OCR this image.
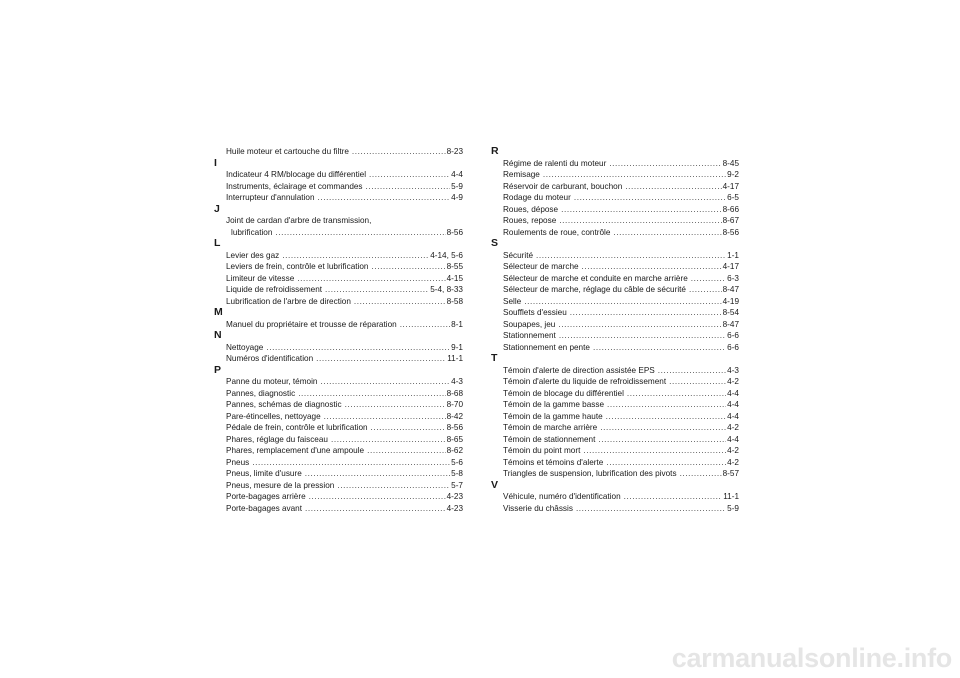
Huile moteur et cartouche du filtre .....	8-23
I
Indicateur 4 RM/blocage du différentiel .....	4-4
Instruments, éclairage et commandes .....	5-9
Interrupteur d'annulation .....	4-9
J
Joint de cardan d'arbre de transmission,
lubrification .....	8-56
L
Levier des gaz .....	4-14, 5-6
Leviers de frein, contrôle et lubrification .....	8-55
Limiteur de vitesse .....	4-15
Liquide de refroidissement .....	5-4, 8-33
Lubrification de l'arbre de direction .....	8-58
M
Manuel du propriétaire et trousse de réparation .....	8-1
N
Nettoyage .....	9-1
Numéros d'identification .....	11-1
P
Panne du moteur, témoin .....	4-3
Pannes, diagnostic .....	8-68
Pannes, schémas de diagnostic .....	8-70
Pare-étincelles, nettoyage .....	8-42
Pédale de frein, contrôle et lubrification .....	8-56
Phares, réglage du faisceau .....	8-65
Phares, remplacement d'une ampoule .....	8-62
Pneus .....	5-6
Pneus, limite d'usure .....	5-8
Pneus, mesure de la pression .....	5-7
Porte-bagages arrière .....	4-23
Porte-bagages avant .....	4-23
R
Régime de ralenti du moteur .....	8-45
Remisage .....	9-2
Réservoir de carburant, bouchon .....	4-17
Rodage du moteur .....	6-5
Roues, dépose .....	8-66
Roues, repose .....	8-67
Roulements de roue, contrôle .....	8-56
S
Sécurité .....	1-1
Sélecteur de marche .....	4-17
Sélecteur de marche et conduite en marche arrière .....	6-3
Sélecteur de marche, réglage du câble de sécurité .....	8-47
Selle .....	4-19
Soufflets d'essieu .....	8-54
Soupapes, jeu .....	8-47
Stationnement .....	6-6
Stationnement en pente .....	6-6
T
Témoin d'alerte de direction assistée EPS .....	4-3
Témoin d'alerte du liquide de refroidissement .....	4-2
Témoin de blocage du différentiel .....	4-4
Témoin de la gamme basse .....	4-4
Témoin de la gamme haute .....	4-4
Témoin de marche arrière .....	4-2
Témoin de stationnement .....	4-4
Témoin du point mort .....	4-2
Témoins et témoins d'alerte .....	4-2
Triangles de suspension, lubrification des pivots .....	8-57
V
Véhicule, numéro d'identification .....	11-1
Visserie du châssis .....	5-9
carmanualsonline.info
